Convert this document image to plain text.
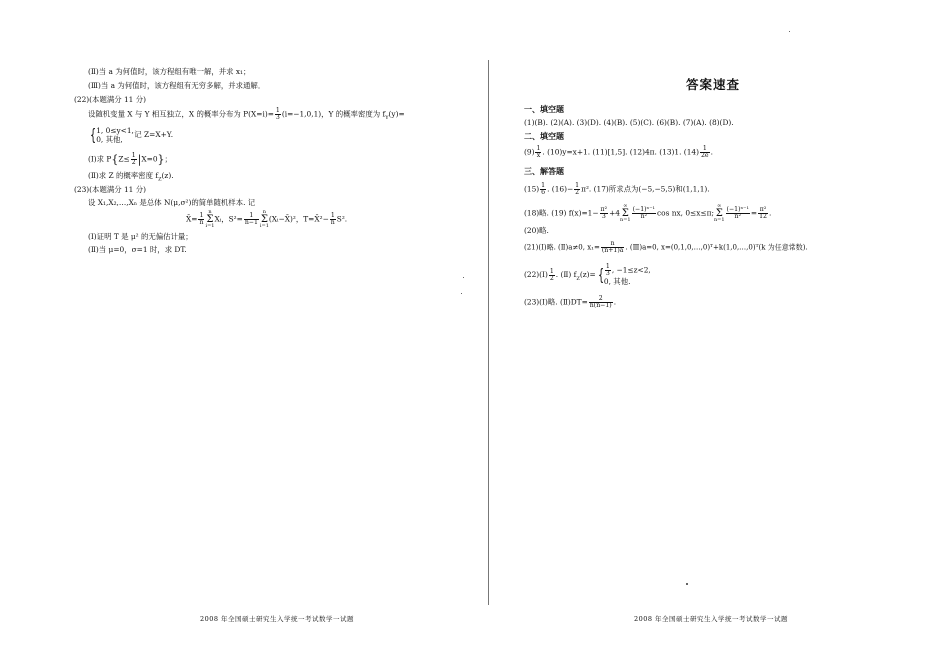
(Ⅱ)当 a 为何值时，该方程组有唯一解，并求 x₁；
(Ⅲ)当 a 为何值时，该方程组有无穷多解，并求通解．
(22)(本题满分 11 分)
设随机变量 X 与 Y 相互独立，X 的概率分布为 $P(X=i)= \frac{1}{3} (i=-1,0,1)$，Y 的概率密度为 $f_Y(y)=$
{ 1, 0≤y<1,
0, 其他,
记 Z=X+Y.
(Ⅰ)求 $P\{Z\le \frac{1}{2} |X=0\}$；
(Ⅱ)求 Z 的概率密度 $f_Z(z)$.
(23)(本题满分 11 分)
设 X₁,X₂,…,Xₙ 是总体 N(μ,σ²)的简单随机样本. 记
X̄= $\frac{1}{n}$
n
Σ
i=1Xᵢ，$S^2= \frac{1}{n-1}$
n
Σ
i=1(Xᵢ−X̄)²，T=X̄²− $\frac{1}{n} S^2$.
(Ⅰ)证明 T 是 μ² 的无偏估计量；
(Ⅱ)当 μ=0，σ=1 时，求 DT.
2008 年全国硕士研究生入学统一考试数学一试题
答案速查
一、填空题
(1)(B). (2)(A). (3)(D). (4)(B). (5)(C). (6)(B). (7)(A). (8)(D).
二、填空题
$(9) \frac{1}{x}$ . (10)y=x+1. (11)[1,5]. (12)4π. (13)1. $(14) \frac{1}{2e}$ .
三、解答题
$(15) \frac{1}{6}$ . $(16)- \frac{1}{2} \pi^2$. (17)所求点为(−5,−5,5)和(1,1,1).
(18)略. (19) $f(x)=1- \frac{\text{π²}}{3} +4\infty$
Σ
$n=1 \frac{\text{(−1)ⁿ⁻¹}}{\text{n²}}$ cos nx, 0≤x≤π;∞
Σ
$n=1 \frac{\text{(−1)ⁿ⁻¹}}{\text{n²}} = \frac{\text{π²}}{12}$ .
(20)略.
(21)(Ⅰ)略. (Ⅱ)a≠0, $x_1= \frac{n}{(n+1)a}$ . (Ⅲ)a=0, x=(0,1,0,…,0)ᵀ+k(1,0,…,0)ᵀ(k 为任意常数).
(22)(Ⅰ) $\frac{1}{2}$ . (Ⅱ) $f_Z(z)=$ { $\frac{1}{3}$ , −1≤z<2,
0, 其他.
(23)(Ⅰ)略. (Ⅱ)DT= $\frac{2}{n(n-1)}$ .
2008 年全国硕士研究生入学统一考试数学一试题
